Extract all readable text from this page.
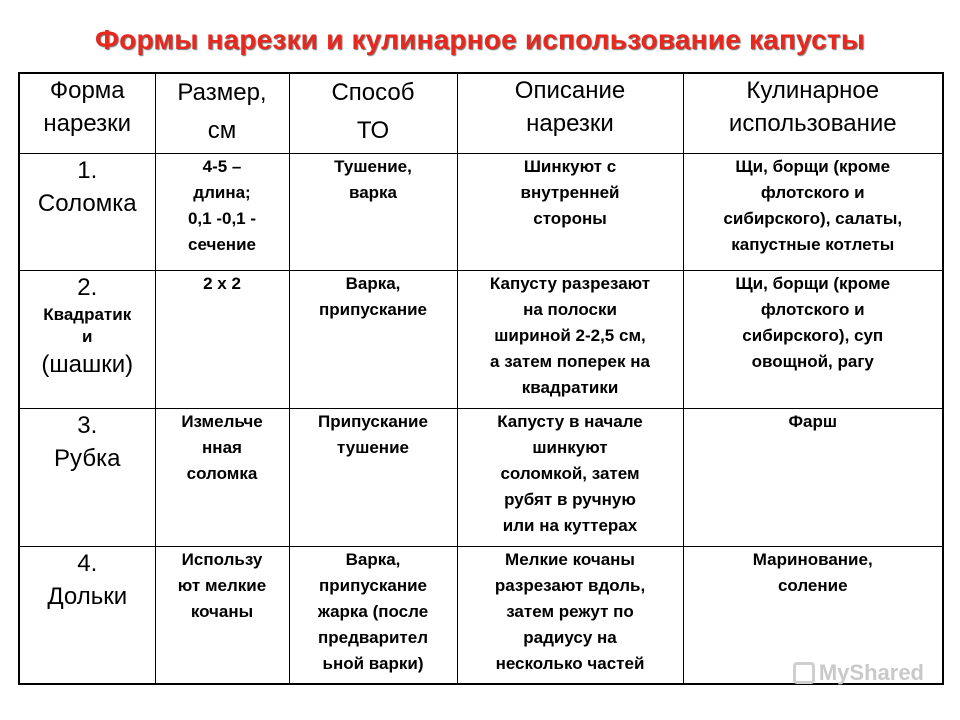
Формы нарезки и кулинарное использование капусты
Форма
нарезки	Размер,
см	Способ
ТО	Описание
нарезки	Кулинарное
использование

1.
Соломка	4-5 –
длина;
0,1 -0,1 -
сечение	Тушение,
варка	Шинкуют с
внутренней
стороны	Щи, борщи (кроме
флотского и
сибирского), салаты,
капустные котлеты

2.
Квадратик
и
(шашки)	2 х 2	Варка,
припускание	Капусту разрезают
на полоски
шириной 2-2,5 см,
а затем поперек на
квадратики	Щи, борщи (кроме
флотского и
сибирского), суп
овощной, рагу

3.
Рубка	Измельче
нная
соломка	Припускание
тушение	Капусту в начале
шинкуют
соломкой, затем
рубят в ручную
или на куттерах	Фарш

4.
Дольки	Использу
ют мелкие
кочаны	Варка,
припускание
жарка (после
предварител
ьной варки)	Мелкие кочаны
разрезают вдоль,
затем режут по
радиусу на
несколько частей	Маринование,
соление
MyShared
